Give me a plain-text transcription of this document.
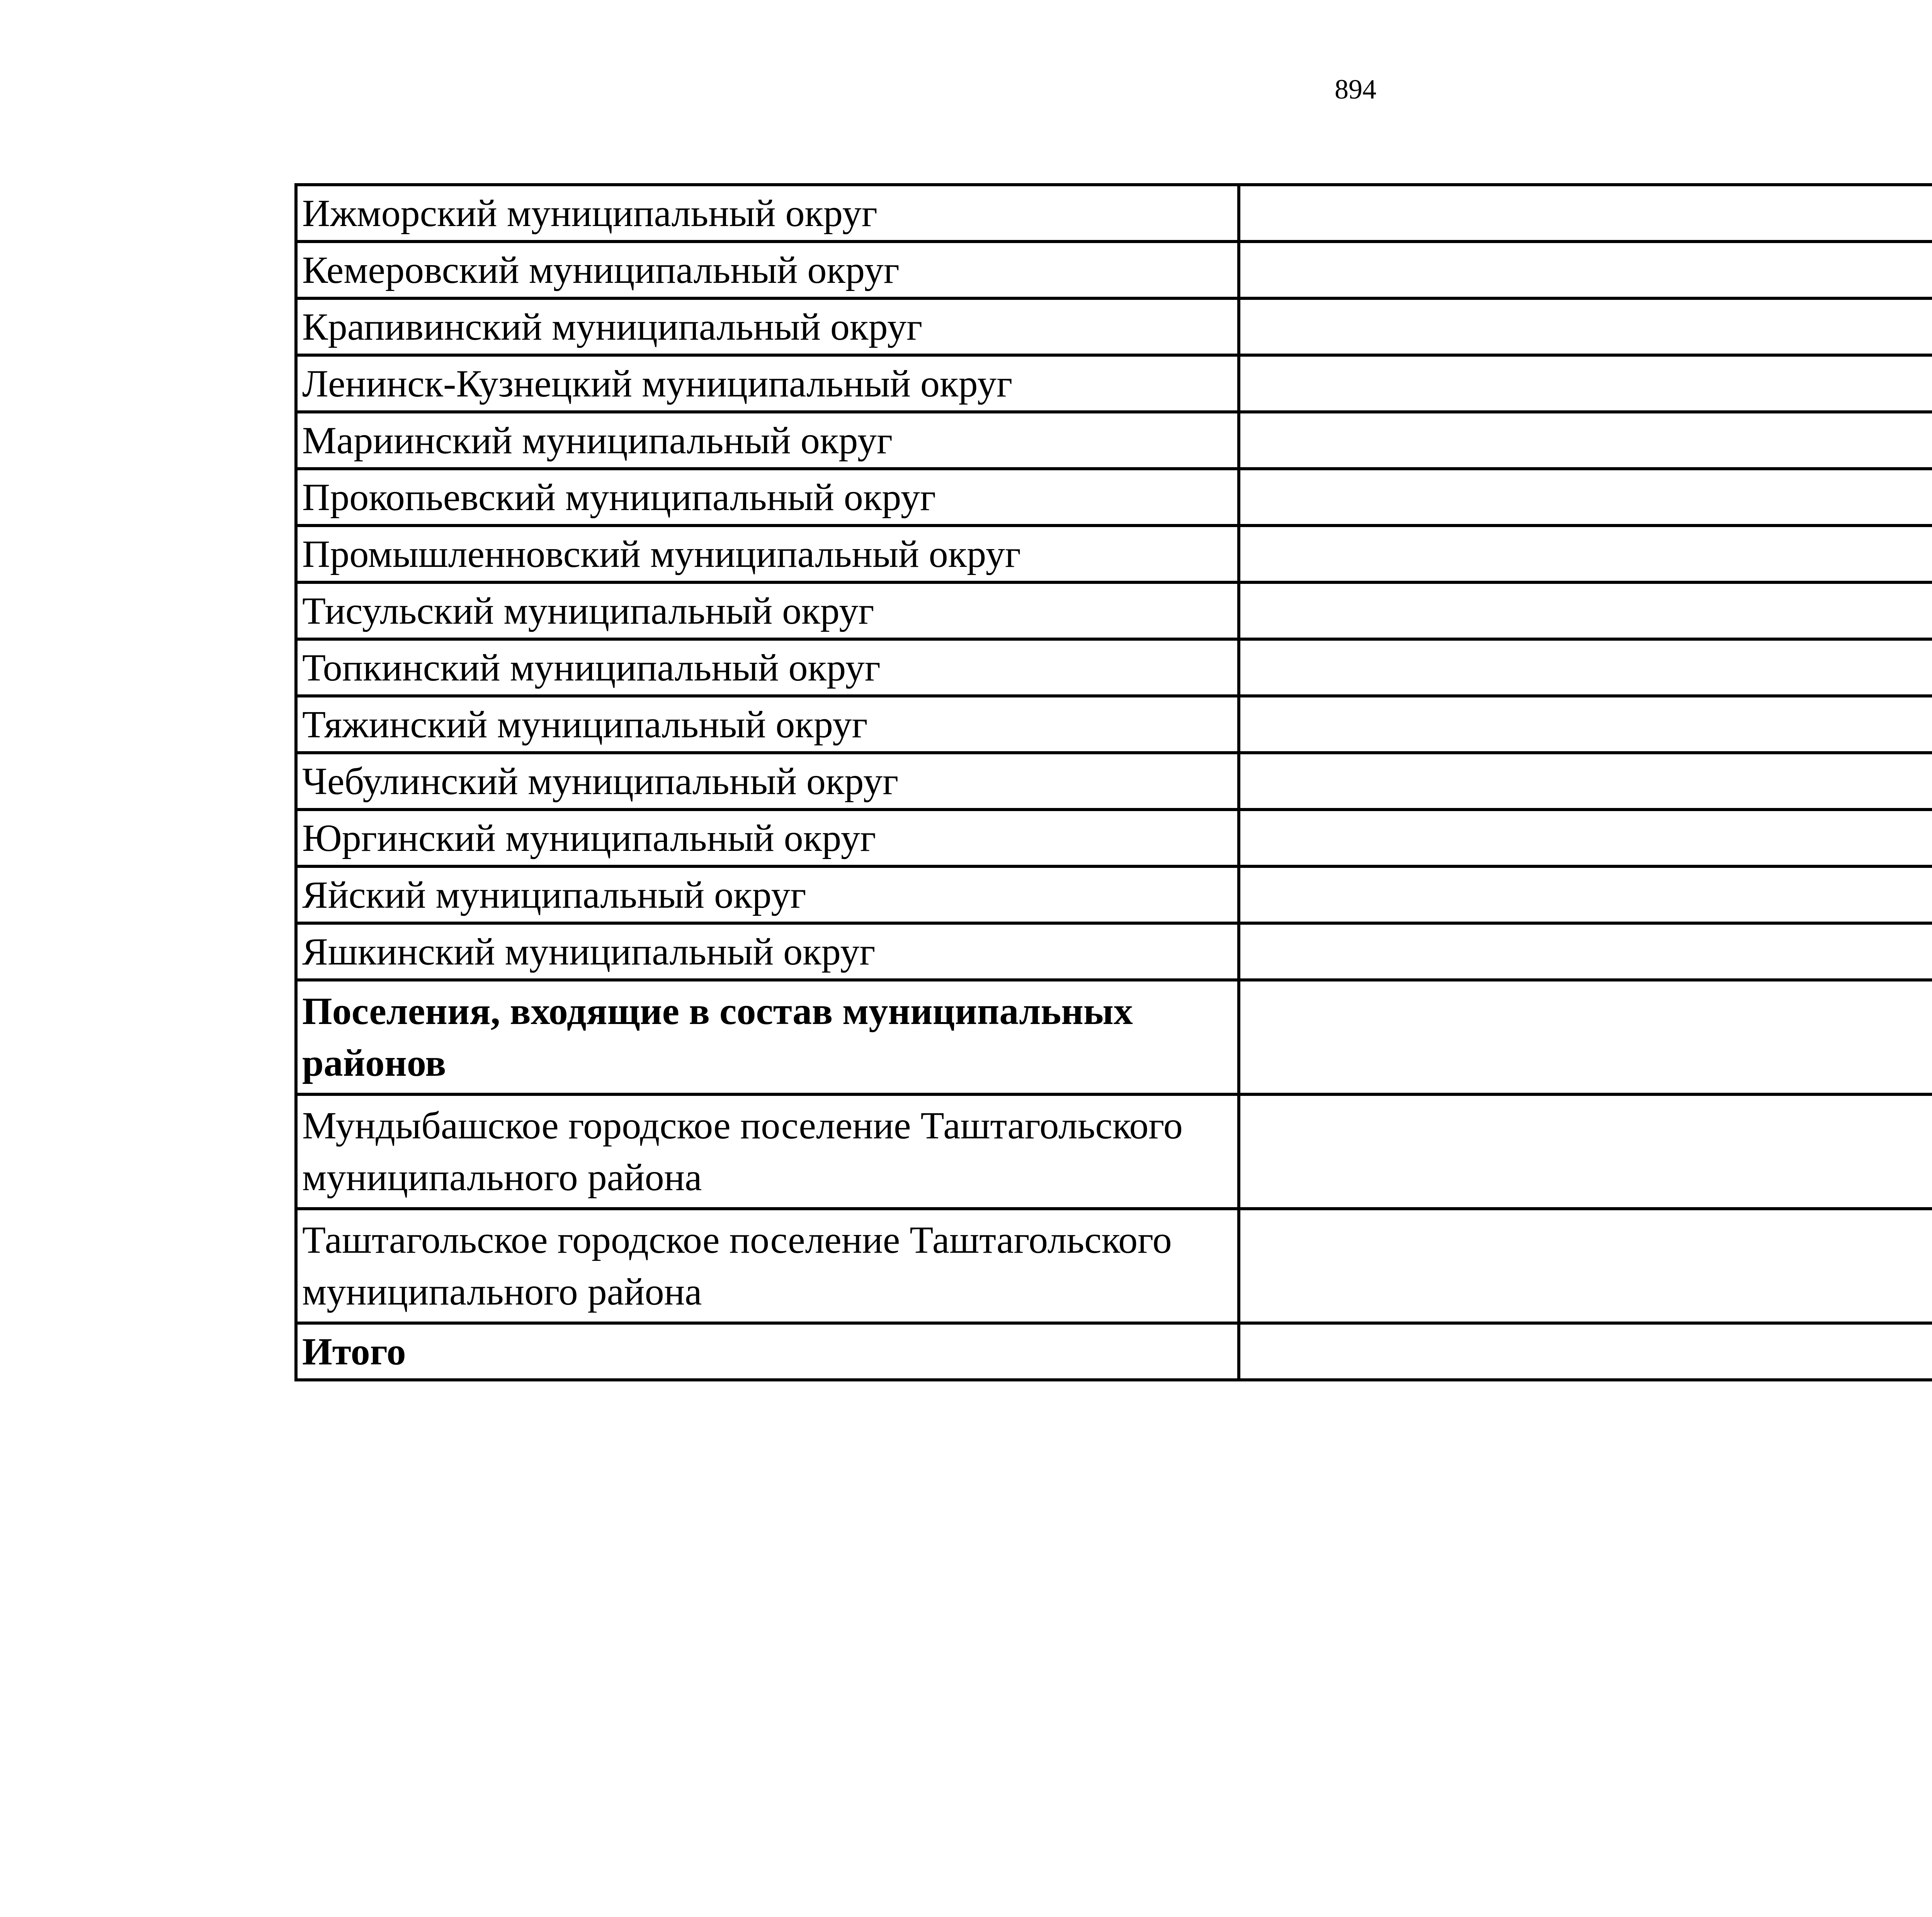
894
Ижморский муниципальный округ	
Кемеровский муниципальный округ	
Крапивинский муниципальный округ	
Ленинск-Кузнецкий муниципальный округ	
Мариинский муниципальный округ	
Прокопьевский муниципальный округ	
Промышленновский муниципальный округ	
Тисульский муниципальный округ	
Топкинский муниципальный округ	
Тяжинский муниципальный округ	
Чебулинский муниципальный округ	
Юргинский муниципальный округ	
Яйский муниципальный округ	
Яшкинский муниципальный округ	
Поселения, входящие в состав муниципальных районов	
Мундыбашское городское поселение Таштагольского муниципального района	
Таштагольское городское поселение Таштагольского муниципального района	
Итого	
